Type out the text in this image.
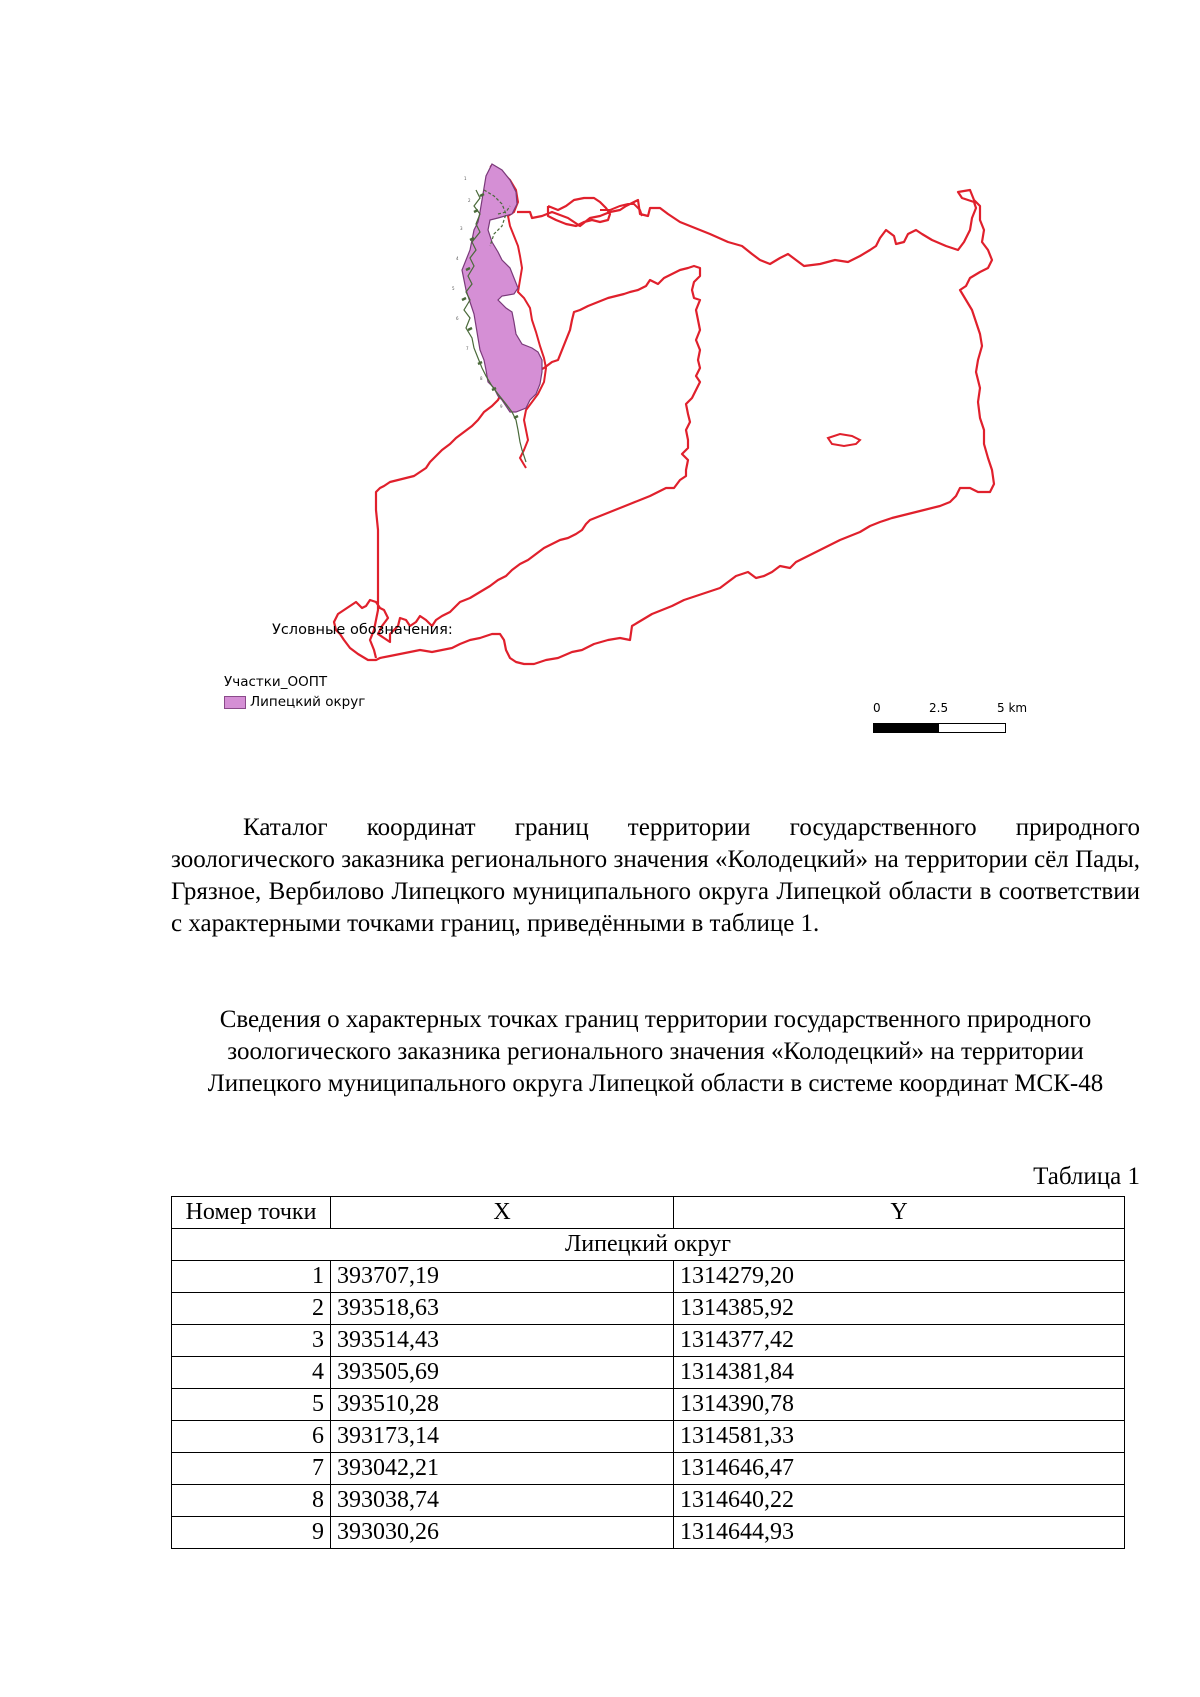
1
2
3
4
5
6
7
8
9
Условные обозначения:
Участки_ООПТ
Липецкий округ	0	2.5	5 km

Каталог координат границ территории государственного природного зоологического заказника регионального значения «Колодецкий» на территории сёл Пады, Грязное, Вербилово Липецкого муниципального округа Липецкой области в соответствии с характерными точками границ, приведёнными в таблице 1.

Сведения о характерных точках границ территории государственного природного зоологического заказника регионального значения «Колодецкий» на территории Липецкого муниципального округа Липецкой области в системе координат МСК-48

Таблица 1
Номер точки	X	Y
Липецкий округ		
1	393707,19	1314279,20
2	393518,63	1314385,92
3	393514,43	1314377,42
4	393505,69	1314381,84
5	393510,28	1314390,78
6	393173,14	1314581,33
7	393042,21	1314646,47
8	393038,74	1314640,22
9	393030,26	1314644,93
